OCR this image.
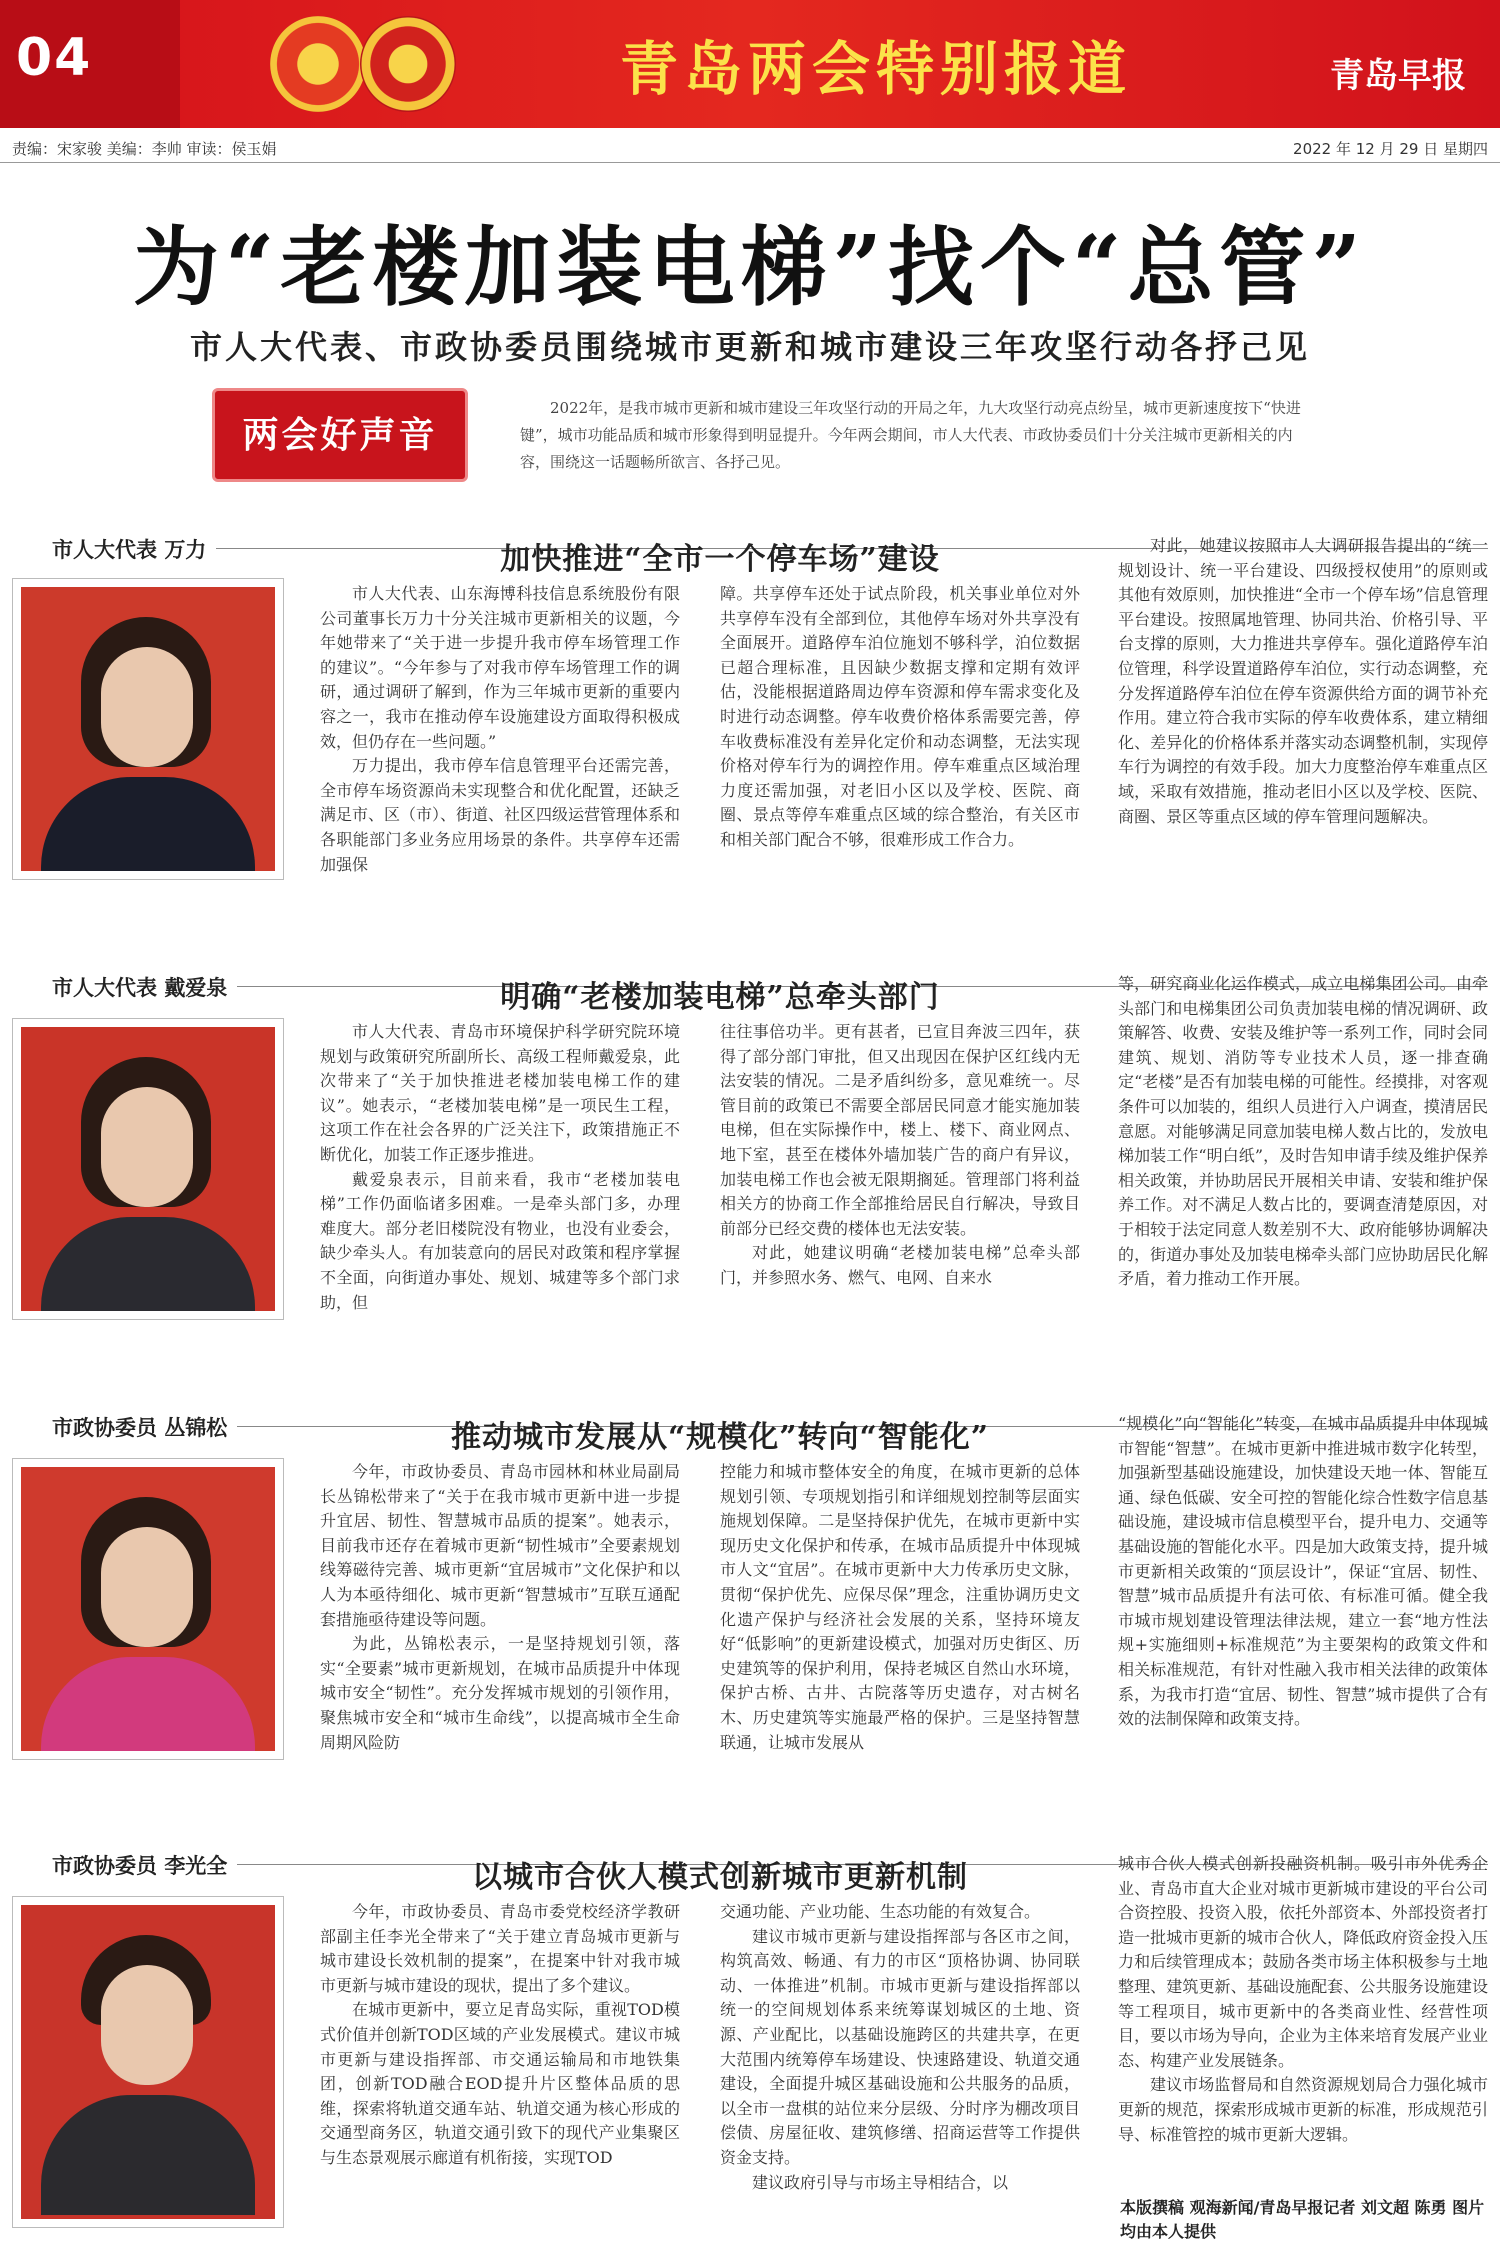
04	青岛两会特别报道	青岛早报
责编：宋家骏 美编：李帅 审读：侯玉娟	2022 年 12 月 29 日 星期四
为“老楼加装电梯”找个“总管”
市人大代表、市政协委员围绕城市更新和城市建设三年攻坚行动各抒己见
两会好声音
2022年，是我市城市更新和城市建设三年攻坚行动的开局之年，九大攻坚行动亮点纷呈，城市更新速度按下“快进键”，城市功能品质和城市形象得到明显提升。今年两会期间，市人大代表、市政协委员们十分关注城市更新相关的内容，围绕这一话题畅所欲言、各抒己见。
市人大代表 万力	加快推进“全市一个停车场”建设

市人大代表、山东海博科技信息系统股份有限公司董事长万力十分关注城市更新相关的议题，今年她带来了“关于进一步提升我市停车场管理工作的建议”。“今年参与了对我市停车场管理工作的调研，通过调研了解到，作为三年城市更新的重要内容之一，我市在推动停车设施建设方面取得积极成效，但仍存在一些问题。”

万力提出，我市停车信息管理平台还需完善，全市停车场资源尚未实现整合和优化配置，还缺乏满足市、区（市）、街道、社区四级运营管理体系和各职能部门多业务应用场景的条件。共享停车还需加强保

障。共享停车还处于试点阶段，机关事业单位对外共享停车没有全部到位，其他停车场对外共享没有全面展开。道路停车泊位施划不够科学，泊位数据已超合理标准，且因缺少数据支撑和定期有效评估，没能根据道路周边停车资源和停车需求变化及时进行动态调整。停车收费价格体系需要完善，停车收费标准没有差异化定价和动态调整，无法实现价格对停车行为的调控作用。停车难重点区域治理力度还需加强，对老旧小区以及学校、医院、商圈、景点等停车难重点区域的综合整治，有关区市和相关部门配合不够，很难形成工作合力。

对此，她建议按照市人大调研报告提出的“统一规划设计、统一平台建设、四级授权使用”的原则或其他有效原则，加快推进“全市一个停车场”信息管理平台建设。按照属地管理、协同共治、价格引导、平台支撑的原则，大力推进共享停车。强化道路停车泊位管理，科学设置道路停车泊位，实行动态调整，充分发挥道路停车泊位在停车资源供给方面的调节补充作用。建立符合我市实际的停车收费体系，建立精细化、差异化的价格体系并落实动态调整机制，实现停车行为调控的有效手段。加大力度整治停车难重点区域，采取有效措施，推动老旧小区以及学校、医院、商圈、景区等重点区域的停车管理问题解决。

市人大代表 戴爱泉	明确“老楼加装电梯”总牵头部门

市人大代表、青岛市环境保护科学研究院环境规划与政策研究所副所长、高级工程师戴爱泉，此次带来了“关于加快推进老楼加装电梯工作的建议”。她表示，“老楼加装电梯”是一项民生工程，这项工作在社会各界的广泛关注下，政策措施正不断优化，加装工作正逐步推进。

戴爱泉表示，目前来看，我市“老楼加装电梯”工作仍面临诸多困难。一是牵头部门多，办理难度大。部分老旧楼院没有物业，也没有业委会，缺少牵头人。有加装意向的居民对政策和程序掌握不全面，向街道办事处、规划、城建等多个部门求助，但

往往事倍功半。更有甚者，已宣目奔波三四年，获得了部分部门审批，但又出现因在保护区红线内无法安装的情况。二是矛盾纠纷多，意见难统一。尽管目前的政策已不需要全部居民同意才能实施加装电梯，但在实际操作中，楼上、楼下、商业网点、地下室，甚至在楼体外墙加装广告的商户有异议，加装电梯工作也会被无限期搁延。管理部门将利益相关方的协商工作全部推给居民自行解决，导致目前部分已经交费的楼体也无法安装。

对此，她建议明确“老楼加装电梯”总牵头部门，并参照水务、燃气、电网、自来水

等，研究商业化运作模式，成立电梯集团公司。由牵头部门和电梯集团公司负责加装电梯的情况调研、政策解答、收费、安装及维护等一系列工作，同时会同建筑、规划、消防等专业技术人员，逐一排查确定“老楼”是否有加装电梯的可能性。经摸排，对客观条件可以加装的，组织人员进行入户调查，摸清居民意愿。对能够满足同意加装电梯人数占比的，发放电梯加装工作“明白纸”，及时告知申请手续及维护保养相关政策，并协助居民开展相关申请、安装和维护保养工作。对不满足人数占比的，要调查清楚原因，对于相较于法定同意人数差别不大、政府能够协调解决的，街道办事处及加装电梯牵头部门应协助居民化解矛盾，着力推动工作开展。

市政协委员 丛锦松	推动城市发展从“规模化”转向“智能化”

今年，市政协委员、青岛市园林和林业局副局长丛锦松带来了“关于在我市城市更新中进一步提升宜居、韧性、智慧城市品质的提案”。她表示，目前我市还存在着城市更新“韧性城市”全要素规划线筹磁待完善、城市更新“宜居城市”文化保护和以人为本亟待细化、城市更新“智慧城市”互联互通配套措施亟待建设等问题。

为此，丛锦松表示，一是坚持规划引领，落实“全要素”城市更新规划，在城市品质提升中体现城市安全“韧性”。充分发挥城市规划的引领作用，聚焦城市安全和“城市生命线”，以提高城市全生命周期风险防

控能力和城市整体安全的角度，在城市更新的总体规划引领、专项规划指引和详细规划控制等层面实施规划保障。二是坚持保护优先，在城市更新中实现历史文化保护和传承，在城市品质提升中体现城市人文“宜居”。在城市更新中大力传承历史文脉，贯彻“保护优先、应保尽保”理念，注重协调历史文化遗产保护与经济社会发展的关系，坚持环境友好“低影响”的更新建设模式，加强对历史街区、历史建筑等的保护利用，保持老城区自然山水环境，保护古桥、古井、古院落等历史遗存，对古树名木、历史建筑等实施最严格的保护。三是坚持智慧联通，让城市发展从

“规模化”向“智能化”转变，在城市品质提升中体现城市智能“智慧”。在城市更新中推进城市数字化转型，加强新型基础设施建设，加快建设天地一体、智能互通、绿色低碳、安全可控的智能化综合性数字信息基础设施，建设城市信息模型平台，提升电力、交通等基础设施的智能化水平。四是加大政策支持，提升城市更新相关政策的“顶层设计”，保证“宜居、韧性、智慧”城市品质提升有法可依、有标准可循。健全我市城市规划建设管理法律法规，建立一套“地方性法规+实施细则+标准规范”为主要架构的政策文件和相关标准规范，有针对性融入我市相关法律的政策体系，为我市打造“宜居、韧性、智慧”城市提供了合有效的法制保障和政策支持。

市政协委员 李光全	以城市合伙人模式创新城市更新机制

今年，市政协委员、青岛市委党校经济学教研部副主任李光全带来了“关于建立青岛城市更新与城市建设长效机制的提案”，在提案中针对我市城市更新与城市建设的现状，提出了多个建议。

在城市更新中，要立足青岛实际，重视TOD模式价值并创新TOD区域的产业发展模式。建议市城市更新与建设指挥部、市交通运输局和市地铁集团，创新TOD融合EOD提升片区整体品质的思维，探索将轨道交通车站、轨道交通为核心形成的交通型商务区，轨道交通引致下的现代产业集聚区与生态景观展示廊道有机衔接，实现TOD

交通功能、产业功能、生态功能的有效复合。

建议市城市更新与建设指挥部与各区市之间，构筑高效、畅通、有力的市区“顶格协调、协同联动、一体推进”机制。市城市更新与建设指挥部以统一的空间规划体系来统筹谋划城区的土地、资源、产业配比，以基础设施跨区的共建共享，在更大范围内统筹停车场建设、快速路建设、轨道交通建设，全面提升城区基础设施和公共服务的品质，以全市一盘棋的站位来分层级、分时序为棚改项目偿债、房屋征收、建筑修缮、招商运营等工作提供资金支持。

建议政府引导与市场主导相结合，以

城市合伙人模式创新投融资机制。吸引市外优秀企业、青岛市直大企业对城市更新城市建设的平台公司合资控股、投资入股，依托外部资本、外部投资者打造一批城市更新的城市合伙人，降低政府资金投入压力和后续管理成本；鼓励各类市场主体积极参与土地整理、建筑更新、基础设施配套、公共服务设施建设等工程项目，城市更新中的各类商业性、经营性项目，要以市场为导向，企业为主体来培育发展产业业态、构建产业发展链条。

建议市场监督局和自然资源规划局合力强化城市更新的规范，探索形成城市更新的标准，形成规范引导、标准管控的城市更新大逻辑。

本版撰稿 观海新闻/青岛早报记者 刘文超 陈勇 图片均由本人提供
